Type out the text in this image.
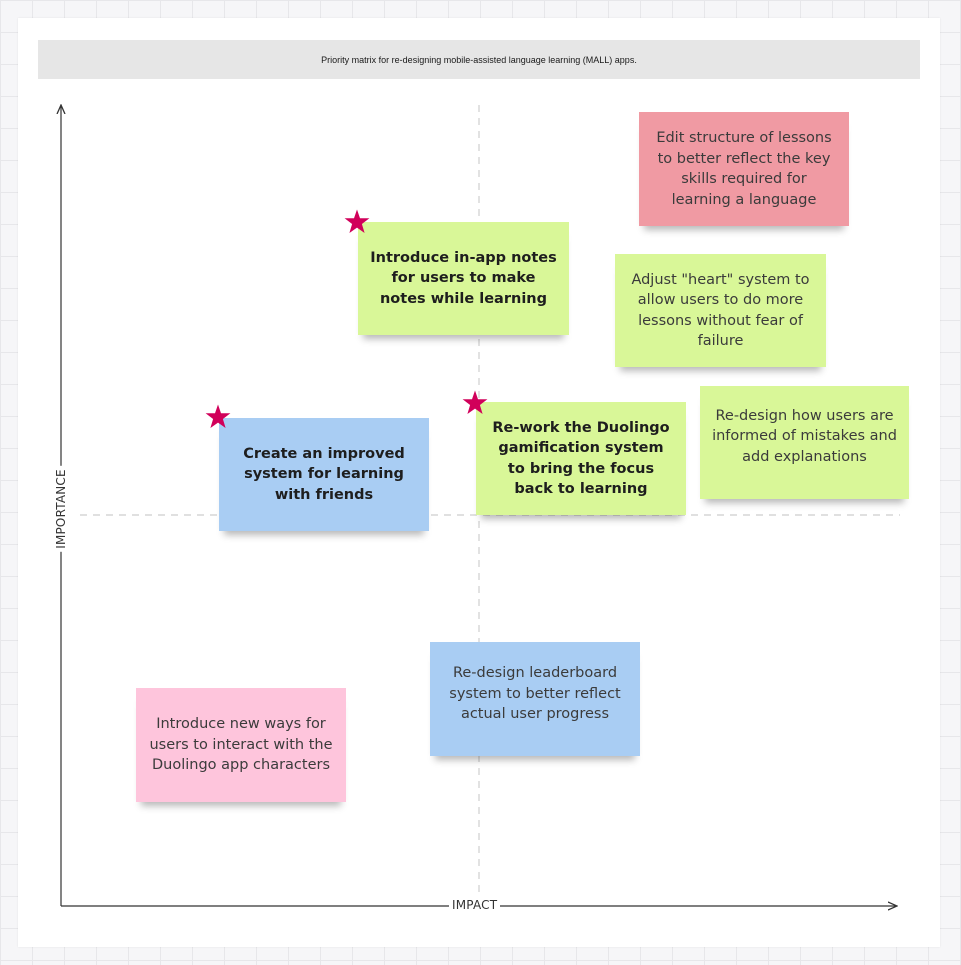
Priority matrix for re-designing mobile-assisted language learning (MALL) apps.
IMPACT
IMPORTANCE
Edit structure of lessons to better reflect the key skills required for learning a language
Introduce in-app notes for users to make notes while learning
Adjust "heart" system to allow users to do more lessons without fear of failure
Create an improved system for learning with friends
Re-work the Duolingo gamification system to bring the focus back to learning
Re-design how users are informed of mistakes and add explanations
Re-design leaderboard system to better reflect actual user progress
Introduce new ways for users to interact with the Duolingo app characters
